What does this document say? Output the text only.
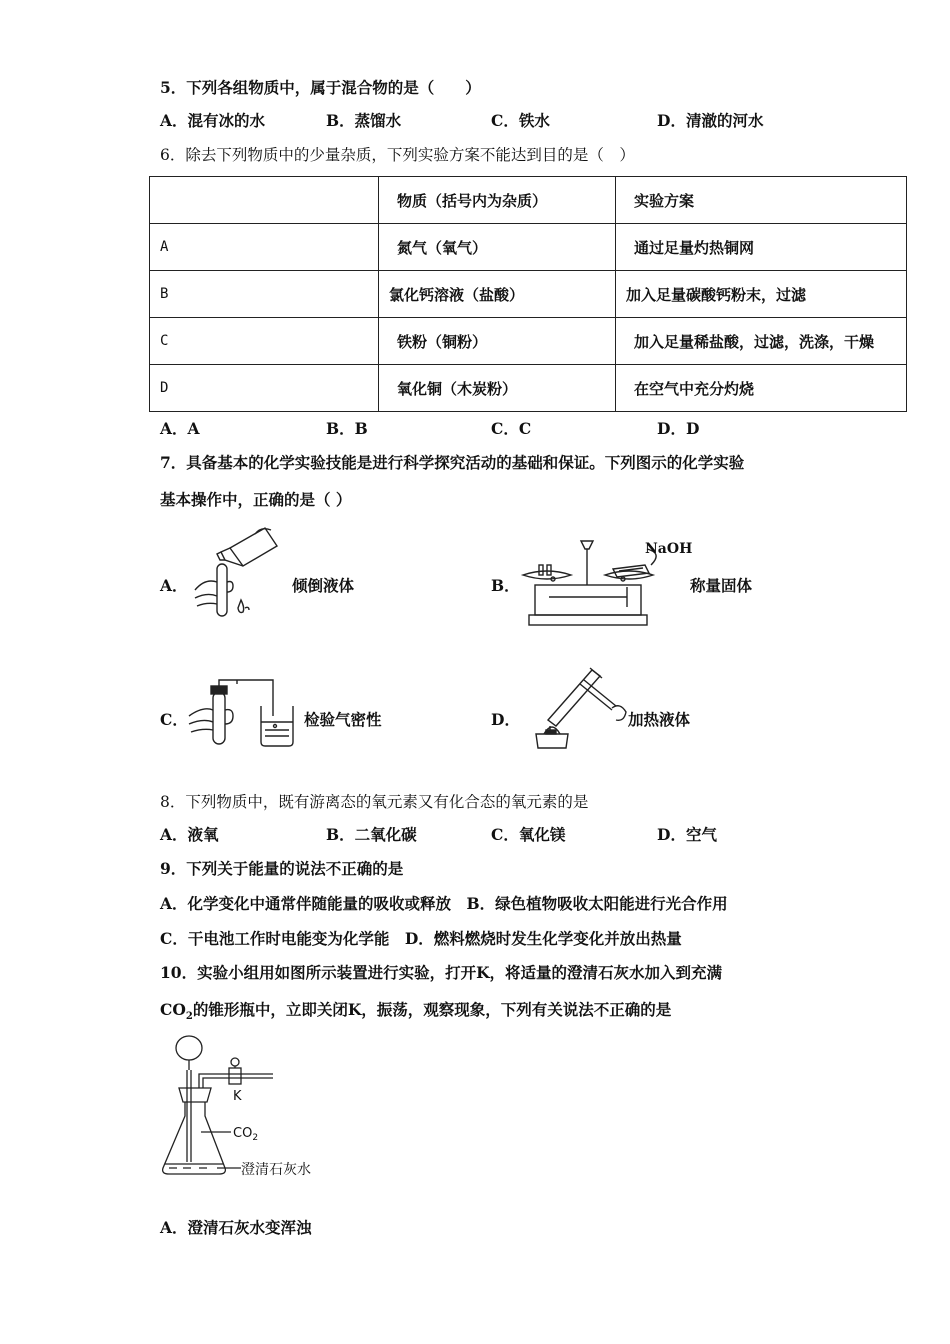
5．下列各组物质中，属于混合物的是（　　）
A．混有冰的水	B．蒸馏水	C．铁水	D．清澈的河水
6．除去下列物质中的少量杂质，下列实验方案不能达到目的是（　）
	物质（括号内为杂质）	实验方案
A	氮气（氧气）	通过足量灼热铜网
B	氯化钙溶液（盐酸）	加入足量碳酸钙粉末，过滤
C	铁粉（铜粉）	加入足量稀盐酸，过滤，洗涤，干燥
D	氧化铜（木炭粉）	在空气中充分灼烧
A．A	B．B	C．C	D．D
7．具备基本的化学实验技能是进行科学探究活动的基础和保证。下列图示的化学实验
基本操作中，正确的是（ ）
A．	倾倒液体	B．
NaOH
称量固体
C．	检验气密性	D．	加热液体
8．下列物质中，既有游离态的氧元素又有化合态的氧元素的是
A．液氧	B．二氧化碳	C．氧化镁	D．空气
9．下列关于能量的说法不正确的是
A．化学变化中通常伴随能量的吸收或释放　B．绿色植物吸收太阳能进行光合作用
C．干电池工作时电能变为化学能　D．燃料燃烧时发生化学变化并放出热量
10．实验小组用如图所示装置进行实验，打开K，将适量的澄清石灰水加入到充满
$CO_2$的锥形瓶中，立即关闭K，振荡，观察现象，下列有关说法不正确的是
K
$CO_2$
澄清石灰水
A．澄清石灰水变浑浊
